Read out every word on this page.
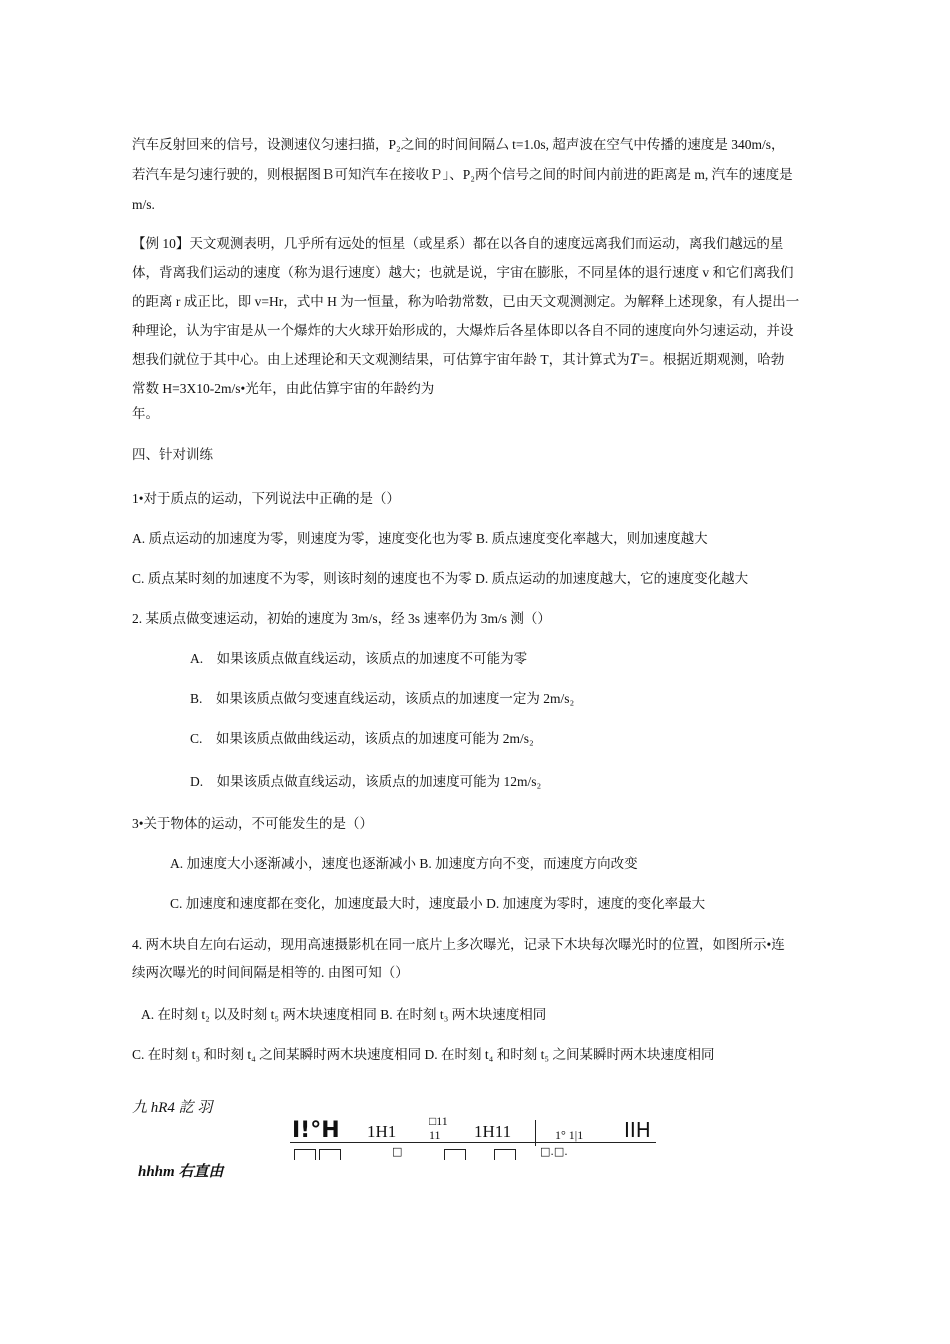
汽车反射回来的信号，设测速仪匀速扫描，P₂之间的时间间隔厶 t=1.0s, 超声波在空气中传播的速度是 340m/s，
若汽车是匀速行驶的，则根据图Ｂ可知汽车在接收Ｐ」、P₂两个信号之间的时间内前进的距离是 m, 汽车的速度是
m/s.
【例 10】天文观测表明，几乎所有远处的恒星（或星系）都在以各自的速度远离我们而运动，离我们越远的星
体，背离我们运动的速度（称为退行速度）越大；也就是说，宇宙在膨胀，不同星体的退行速度 v 和它们离我们
的距离 r 成正比，即 v=Hr，式中 H 为一恒量，称为哈勃常数，已由天文观测测定。为解释上述现象，有人提出一
种理论，认为宇宙是从一个爆炸的大火球开始形成的，大爆炸后各星体即以各自不同的速度向外匀速运动，并设
想我们就位于其中心。由上述理论和天文观测结果，可估算宇宙年龄 T，其计算式为T=。根据近期观测，哈勃
常数 H=3X10-2m/s•光年，由此估算宇宙的年龄约为
年。
四、针对训练
1•对于质点的运动，下列说法中正确的是（）
A. 质点运动的加速度为零，则速度为零，速度变化也为零 B. 质点速度变化率越大，则加速度越大
C. 质点某时刻的加速度不为零，则该时刻的速度也不为零 D. 质点运动的加速度越大，它的速度变化越大
2. 某质点做变速运动，初始的速度为 3m/s，经 3s 速率仍为 3m/s 测（）
A.　如果该质点做直线运动，该质点的加速度不可能为零
B.　如果该质点做匀变速直线运动，该质点的加速度一定为 2m/s₂
C.　如果该质点做曲线运动，该质点的加速度可能为 2m/s₂
D.　如果该质点做直线运动，该质点的加速度可能为 12m/s₂
3•关于物体的运动，不可能发生的是（）
A. 加速度大小逐渐减小，速度也逐渐减小 B. 加速度方向不变，而速度方向改变
C. 加速度和速度都在变化，加速度最大时，速度最小 D. 加速度为零时，速度的变化率最大
4. 两木块自左向右运动，现用高速摄影机在同一底片上多次曝光，记录下木块每次曝光时的位置，如图所示•连
续两次曝光的时间间隔是相等的. 由图可知（）
A. 在时刻 t₂ 以及时刻 t₅ 两木块速度相同 B. 在时刻 t₃ 两木块速度相同
C. 在时刻 t₃ 和时刻 t₄ 之间某瞬时两木块速度相同 D. 在时刻 t₄ 和时刻 t₅ 之间某瞬时两木块速度相同
九 hR4 訖 羽
hhhm 右直由
I!°H 1H1
□11
11 1H11	1° 1|1 IIH
□	□.□.
